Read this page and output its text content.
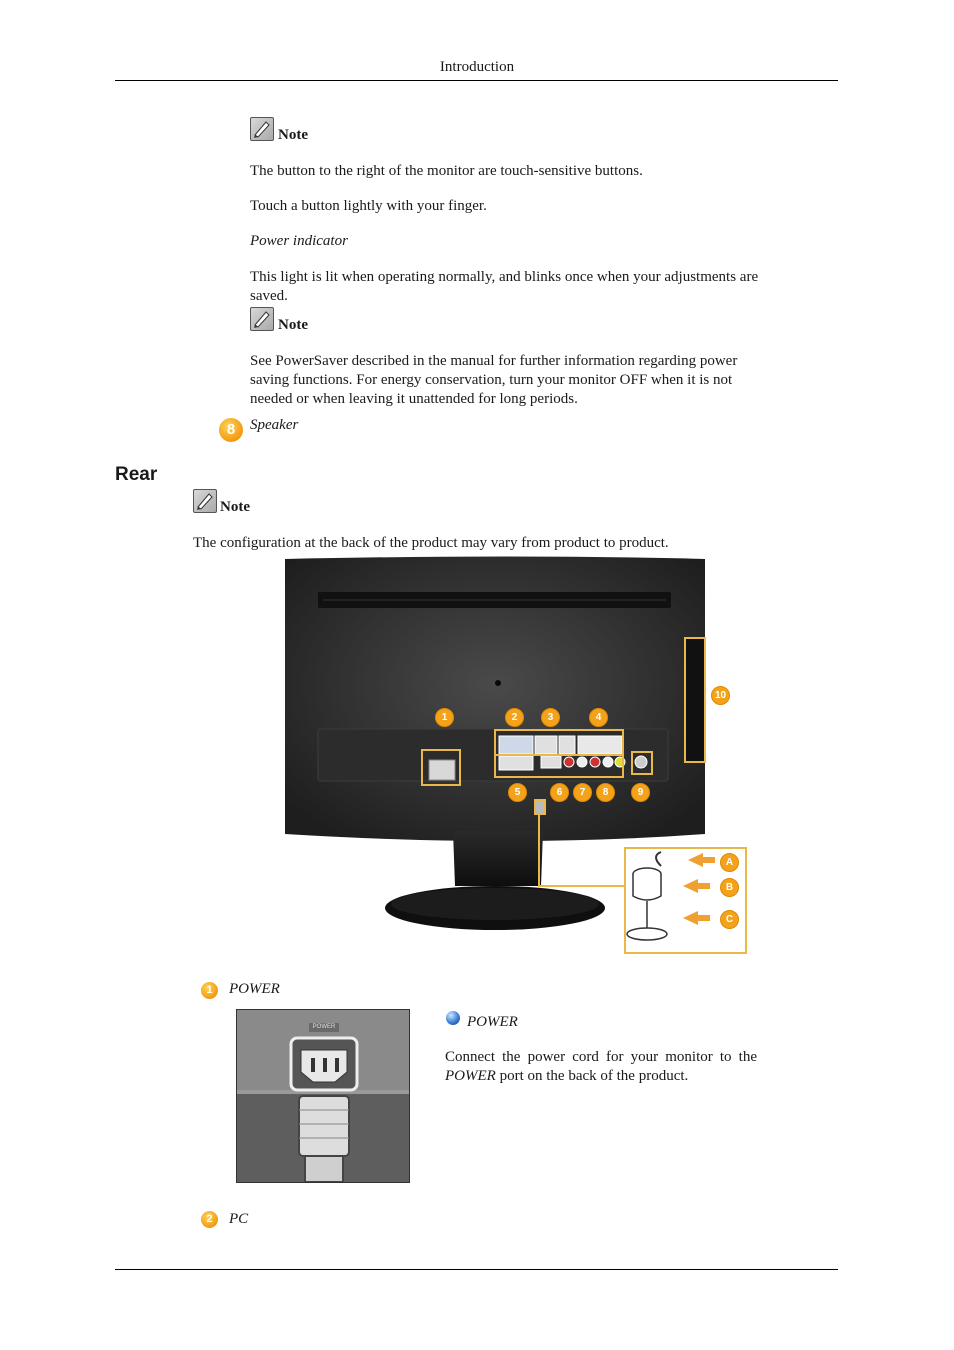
Introduction
Note
The button to the right of the monitor are touch-sensitive buttons.
Touch a button lightly with your finger.
Power indicator
This light is lit when operating normally, and blinks once when your adjustments are saved.
Note
See PowerSaver described in the manual for further information regarding power saving functions. For energy conservation, turn your monitor OFF when it is not needed or when leaving it unattended for long periods.
8 Speaker
Rear
Note
The configuration at the back of the product may vary from product to product.
1	2	3	4
5	6	7	8	9
10
A
B
C
1	POWER
POWER	POWER
Connect the power cord for your monitor to the POWER port on the back of the product.
2	PC
